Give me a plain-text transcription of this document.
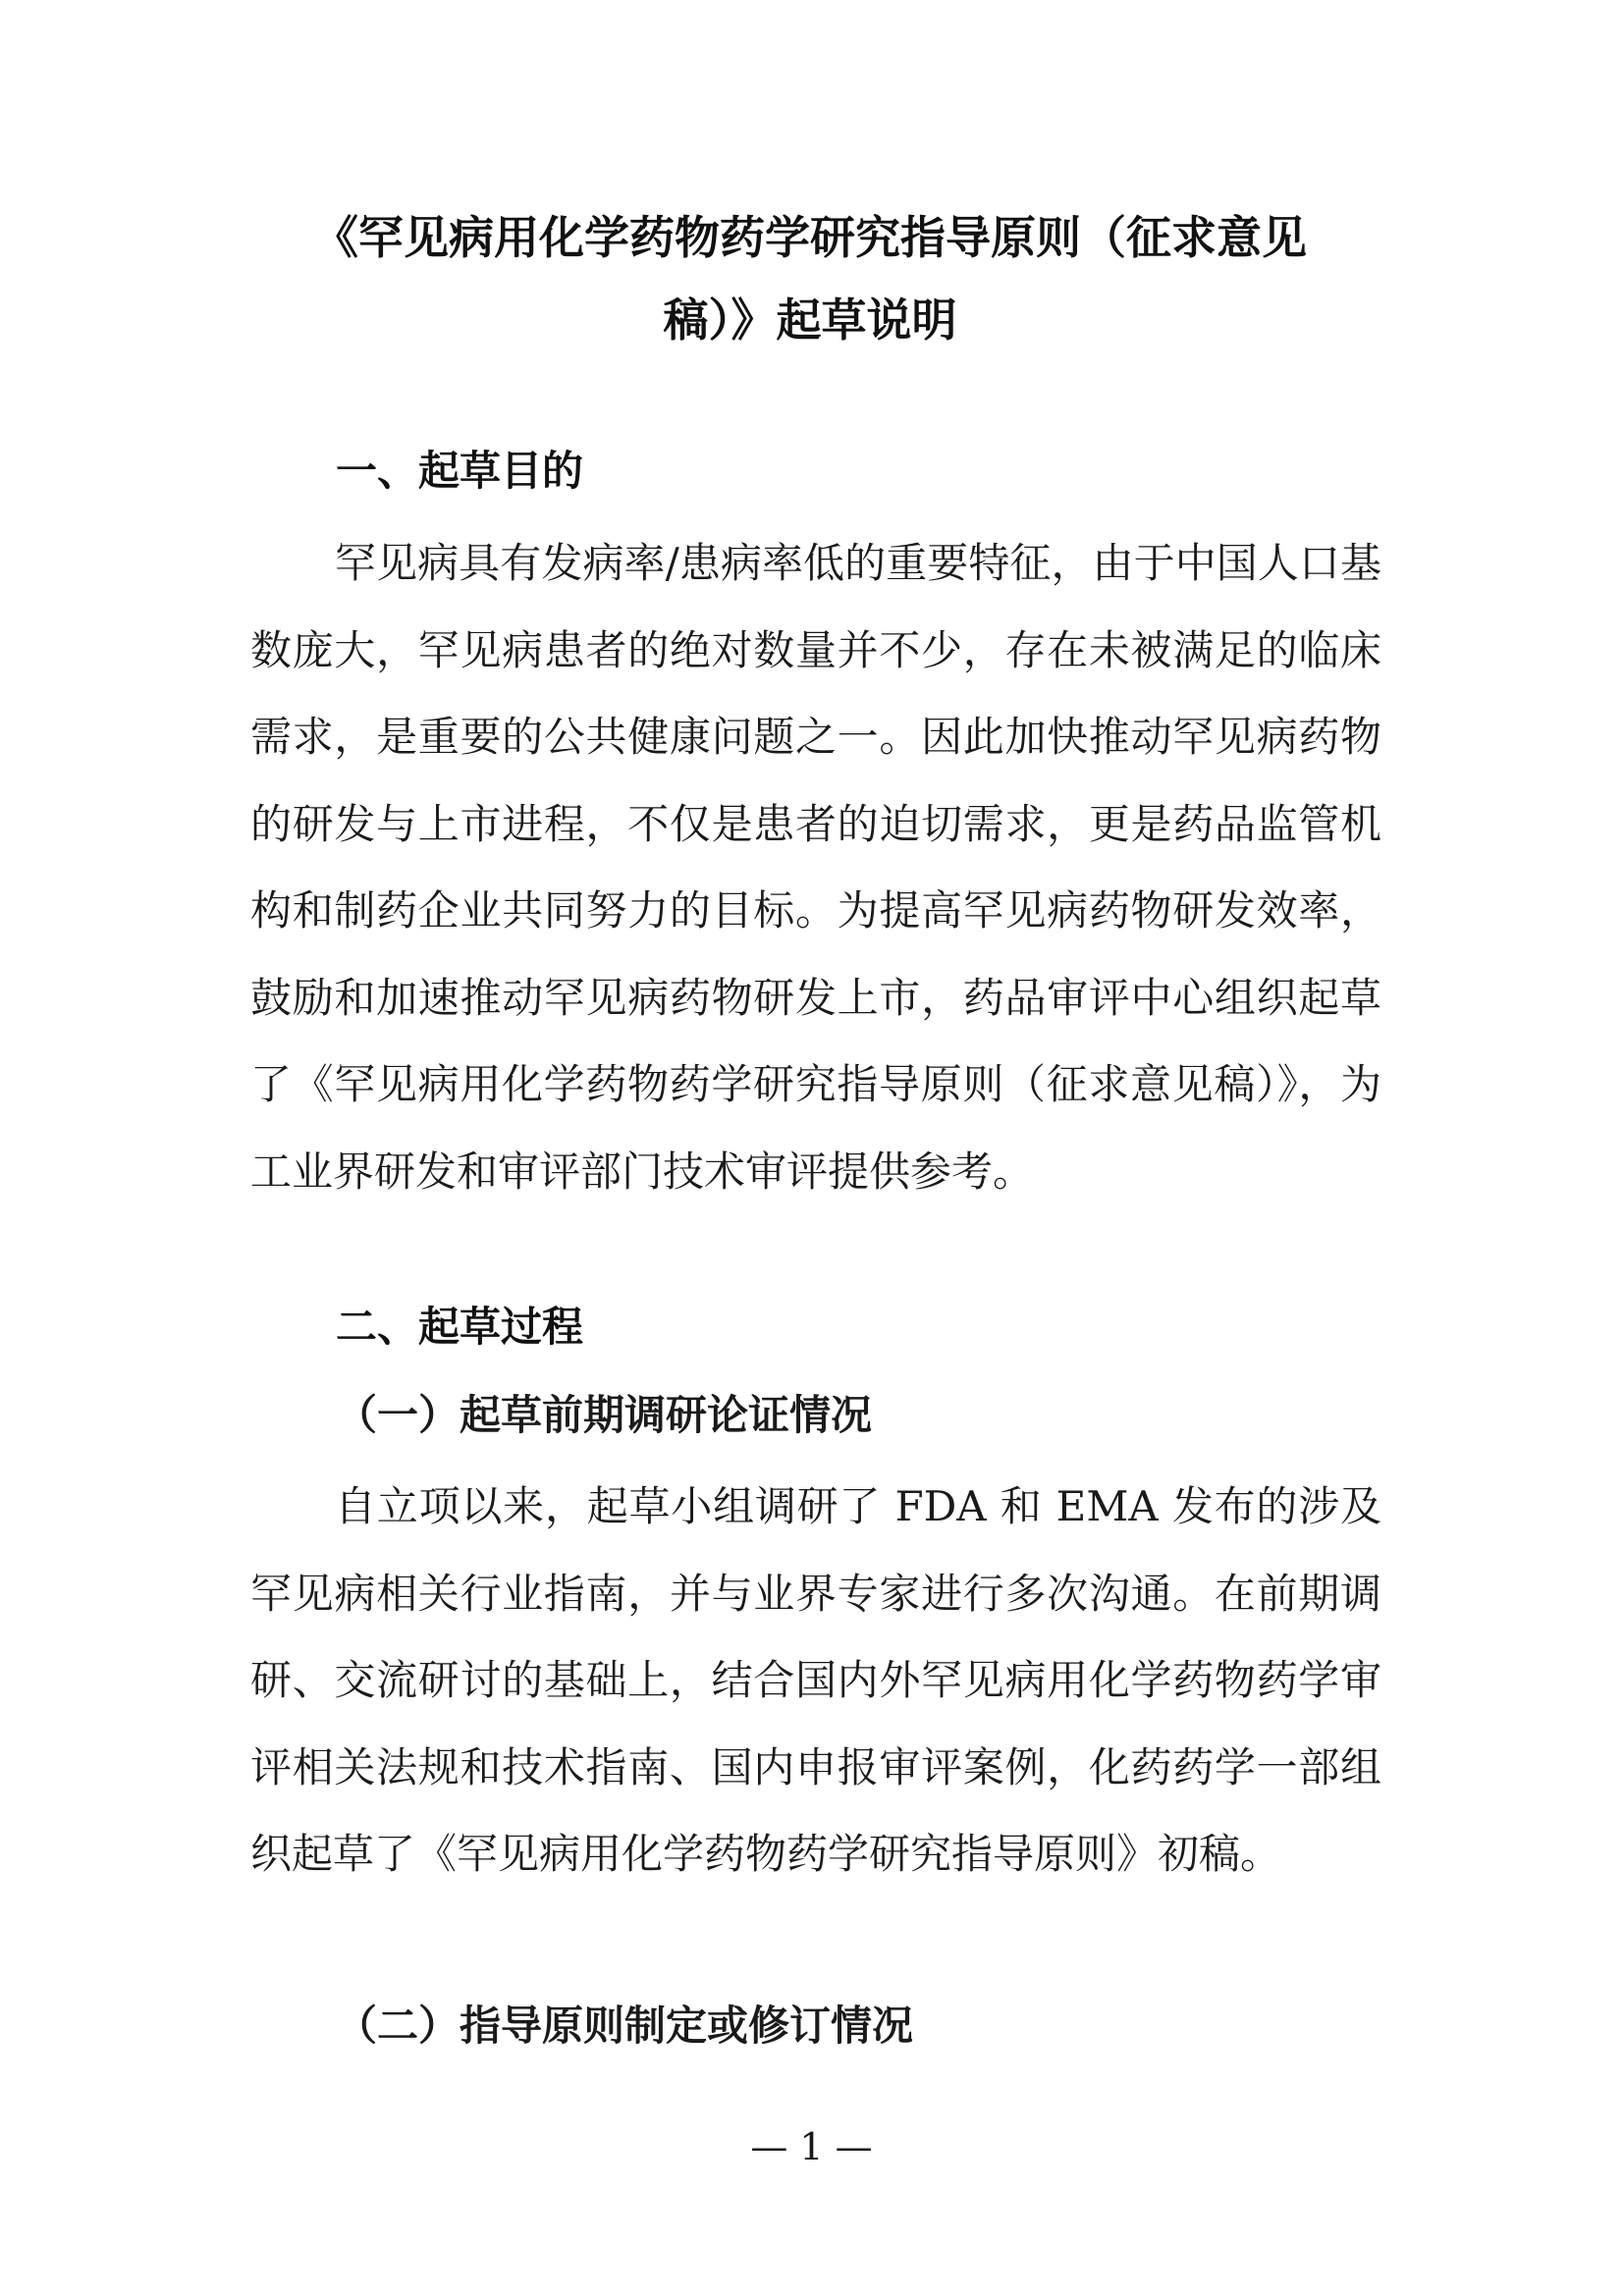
《罕见病用化学药物药学研究指导原则（征求意见
稿）》起草说明
一、起草目的

罕见病具有发病率/患病率低的重要特征，由于中国人口基数庞大，罕见病患者的绝对数量并不少，存在未被满足的临床需求，是重要的公共健康问题之一。因此加快推动罕见病药物的研发与上市进程，不仅是患者的迫切需求，更是药品监管机构和制药企业共同努力的目标。为提高罕见病药物研发效率，鼓励和加速推动罕见病药物研发上市，药品审评中心组织起草了《罕见病用化学药物药学研究指导原则（征求意见稿）》，为工业界研发和审评部门技术审评提供参考。

二、起草过程
（一）起草前期调研论证情况

自立项以来，起草小组调研了 FDA 和 EMA 发布的涉及罕见病相关行业指南，并与业界专家进行多次沟通。在前期调研、交流研讨的基础上，结合国内外罕见病用化学药物药学审评相关法规和技术指南、国内申报审评案例，化药药学一部组织起草了《罕见病用化学药物药学研究指导原则》初稿。

（二）指导原则制定或修订情况
— 1 —
